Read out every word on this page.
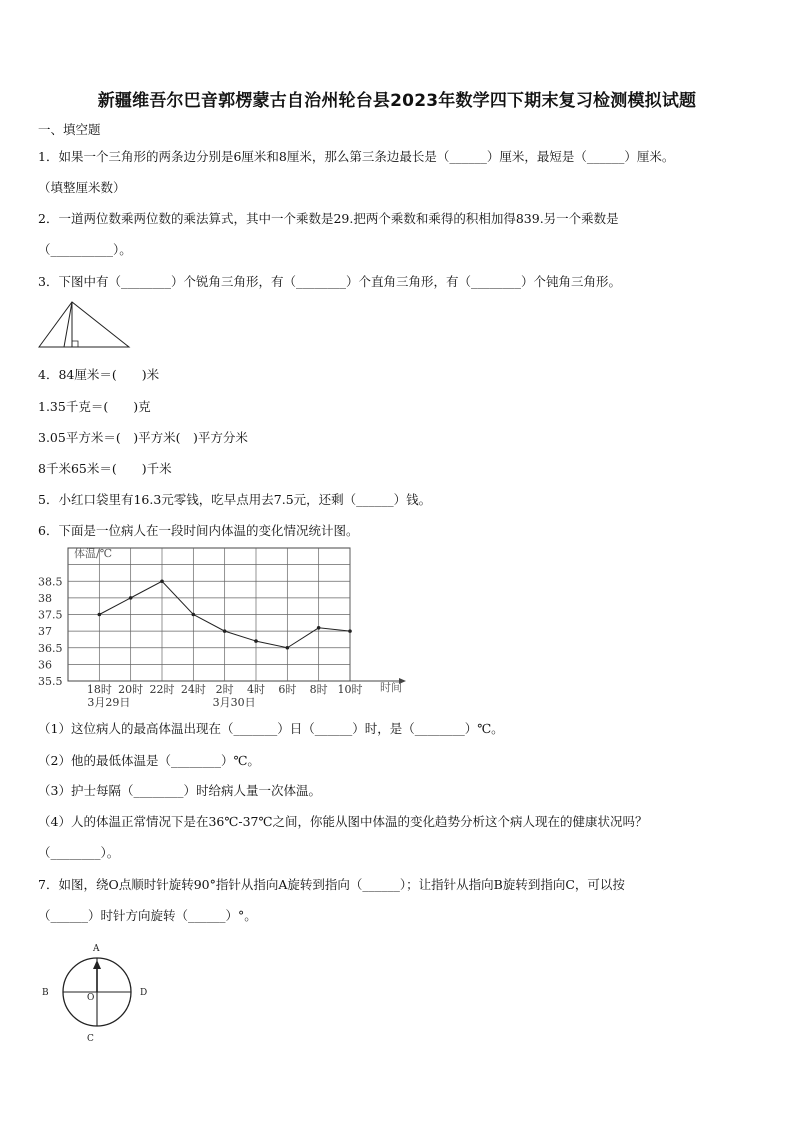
新疆维吾尔巴音郭楞蒙古自治州轮台县2023年数学四下期末复习检测模拟试题
一、填空题
1．如果一个三角形的两条边分别是6厘米和8厘米，那么第三条边最长是（______）厘米，最短是（______）厘米。
（填整厘米数）
2．一道两位数乘两位数的乘法算式，其中一个乘数是29.把两个乘数和乘得的积相加得839.另一个乘数是
（__________）。
3．下图中有（________）个锐角三角形，有（________）个直角三角形，有（________）个钝角三角形。
4．84厘米＝(　　)米
1.35千克＝(　　)克
3.05平方米＝(　)平方米(　)平方分米
8千米65米＝(　　)千米
5．小红口袋里有16.3元零钱，吃早点用去7.5元，还剩（______）钱。
6．下面是一位病人在一段时间内体温的变化情况统计图。
38.5
38
37.5
37
36.5
36
35.5
体温/℃
18时 20时 22时 24时 2时 4时 6时 8时 10时
3月29日	3月30日
时间
（1）这位病人的最高体温出现在（_______）日（______）时，是（________）℃。
（2）他的最低体温是（________）℃。
（3）护士每隔（________）时给病人量一次体温。
（4）人的体温正常情况下是在36℃-37℃之间，你能从图中体温的变化趋势分析这个病人现在的健康状况吗？
（________）。
7．如图，绕O点顺时针旋转90°指针从指向A旋转到指向（______）；让指针从指向B旋转到指向C，可以按
（______）时针方向旋转（______）°。
A
B	D
O
C
